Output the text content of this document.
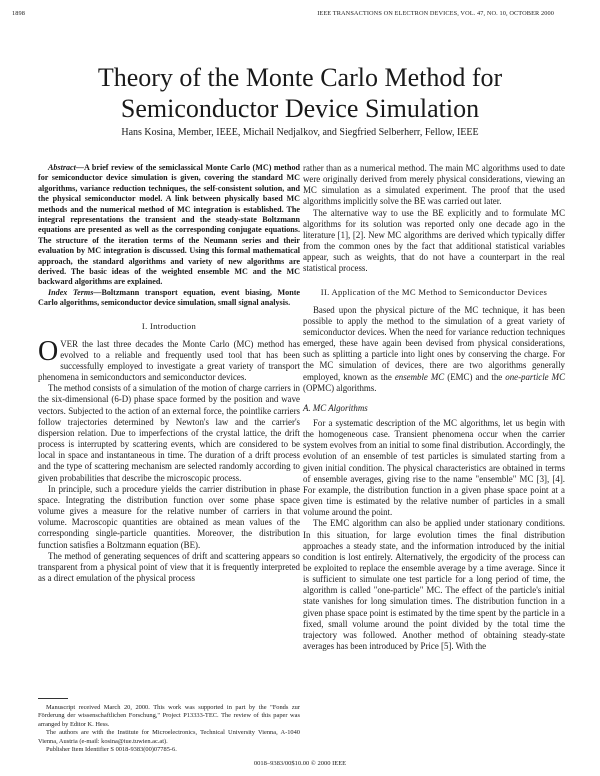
1898	IEEE TRANSACTIONS ON ELECTRON DEVICES, VOL. 47, NO. 10, OCTOBER 2000
Theory of the Monte Carlo Method for Semiconductor Device Simulation
Hans Kosina, Member, IEEE, Michail Nedjalkov, and Siegfried Selberherr, Fellow, IEEE

Abstract—A brief review of the semiclassical Monte Carlo (MC) method for semiconductor device simulation is given, covering the standard MC algorithms, variance reduction techniques, the self-consistent solution, and the physical semiconductor model. A link between physically based MC methods and the numerical method of MC integration is established. The integral representations the transient and the steady-state Boltzmann equations are presented as well as the corresponding conjugate equations. The structure of the iteration terms of the Neumann series and their evaluation by MC integration is discussed. Using this formal mathematical approach, the standard algorithms and variety of new algorithms are derived. The basic ideas of the weighted ensemble MC and the MC backward algorithms are explained.

Index Terms—Boltzmann transport equation, event biasing, Monte Carlo algorithms, semiconductor device simulation, small signal analysis.

I. Introduction

OVER the last three decades the Monte Carlo (MC) method has evolved to a reliable and frequently used tool that has been successfully employed to investigate a great variety of transport phenomena in semiconductors and semiconductor devices.

The method consists of a simulation of the motion of charge carriers in the six-dimensional (6-D) phase space formed by the position and wave vectors. Subjected to the action of an external force, the pointlike carriers follow trajectories determined by Newton's law and the carrier's dispersion relation. Due to imperfections of the crystal lattice, the drift process is interrupted by scattering events, which are considered to be local in space and instantaneous in time. The duration of a drift process and the type of scattering mechanism are selected randomly according to given probabilities that describe the microscopic process.

In principle, such a procedure yields the carrier distribution in phase space. Integrating the distribution function over some phase space volume gives a measure for the relative number of carriers in that volume. Macroscopic quantities are obtained as mean values of the corresponding single-particle quantities. Moreover, the distribution function satisfies a Boltzmann equation (BE).

The method of generating sequences of drift and scattering appears so transparent from a physical point of view that it is frequently interpreted as a direct emulation of the physical process

rather than as a numerical method. The main MC algorithms used to date were originally derived from merely physical considerations, viewing an MC simulation as a simulated experiment. The proof that the used algorithms implicitly solve the BE was carried out later.

The alternative way to use the BE explicitly and to formulate MC algorithms for its solution was reported only one decade ago in the literature [1], [2]. New MC algorithms are derived which typically differ from the common ones by the fact that additional statistical variables appear, such as weights, that do not have a counterpart in the real statistical process.

II. Application of the MC Method to Semiconductor Devices

Based upon the physical picture of the MC technique, it has been possible to apply the method to the simulation of a great variety of semiconductor devices. When the need for variance reduction techniques emerged, these have again been devised from physical considerations, such as splitting a particle into light ones by conserving the charge. For the MC simulation of devices, there are two algorithms generally employed, known as the ensemble MC (EMC) and the one-particle MC (OPMC) algorithms.

A. MC Algorithms

For a systematic description of the MC algorithms, let us begin with the homogeneous case. Transient phenomena occur when the carrier system evolves from an initial to some final distribution. Accordingly, the evolution of an ensemble of test particles is simulated starting from a given initial condition. The physical characteristics are obtained in terms of ensemble averages, giving rise to the name "ensemble" MC [3], [4]. For example, the distribution function in a given phase space point at a given time is estimated by the relative number of particles in a small volume around the point.

The EMC algorithm can also be applied under stationary conditions. In this situation, for large evolution times the final distribution approaches a steady state, and the information introduced by the initial condition is lost entirely. Alternatively, the ergodicity of the process can be exploited to replace the ensemble average by a time average. Since it is sufficient to simulate one test particle for a long period of time, the algorithm is called "one-particle" MC. The effect of the particle's initial state vanishes for long simulation times. The distribution function in a given phase space point is estimated by the time spent by the particle in a fixed, small volume around the point divided by the total time the trajectory was followed. Another method of obtaining steady-state averages has been introduced by Price [5]. With the

Manuscript received March 20, 2000. This work was supported in part by the "Fonds zur Förderung der wissenschaftlichen Forschung," Project P13333-TEC. The review of this paper was arranged by Editor K. Hess.

The authors are with the Institute for Microelectronics, Technical University Vienna, A-1040 Vienna, Austria (e-mail: kosina@iue.tuwien.ac.at).

Publisher Item Identifier S 0018-9383(00)07785-6.

0018–9383/00$10.00 © 2000 IEEE
